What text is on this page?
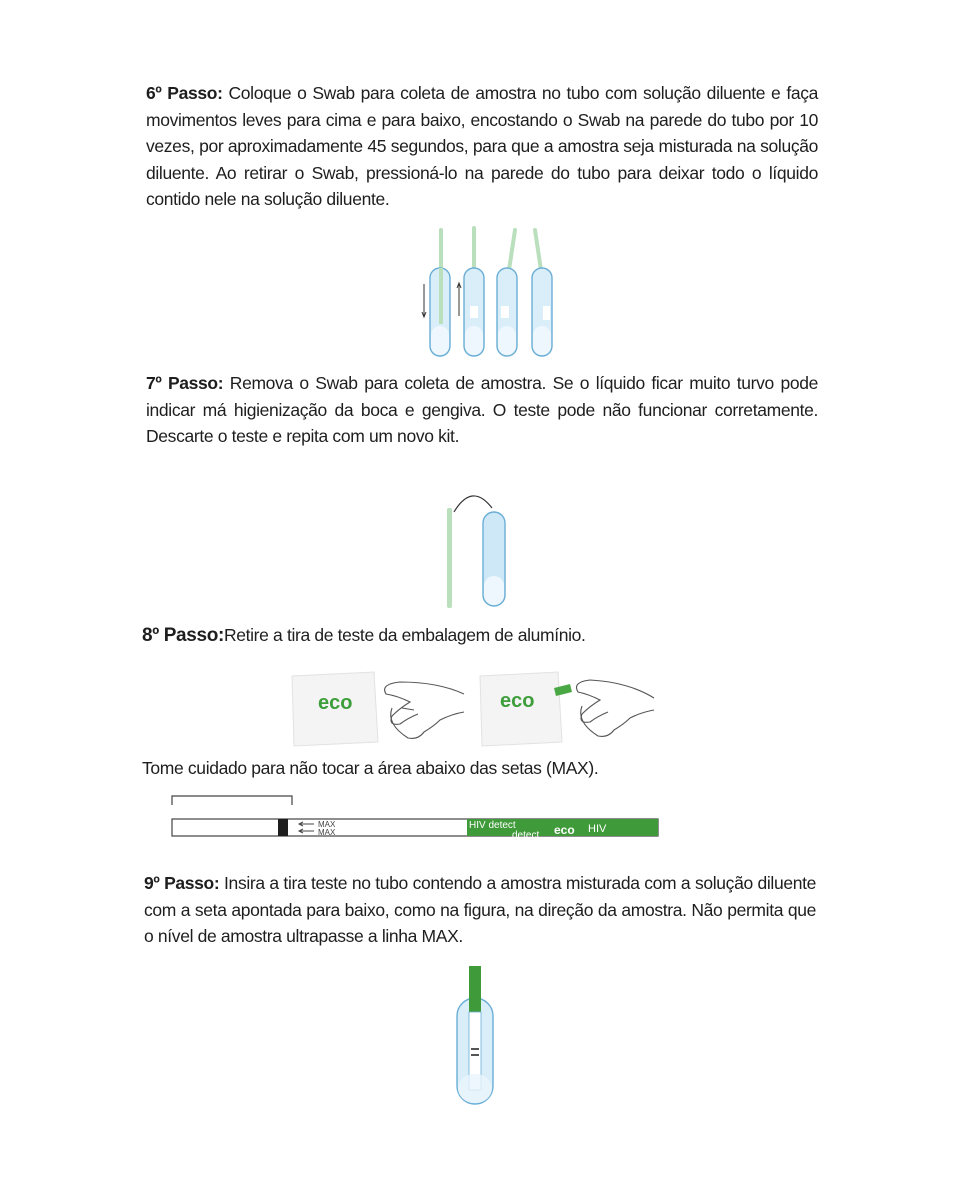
6º Passo: Coloque o Swab para coleta de amostra no tubo com solução diluente e faça movimentos leves para cima e para baixo, encostando o Swab na parede do tubo por 10 vezes, por aproximadamente 45 segundos, para que a amostra seja misturada na solução diluente. Ao retirar o Swab, pressioná-lo na parede do tubo para deixar todo o líquido contido nele na solução diluente.

7º Passo: Remova o Swab para coleta de amostra. Se o líquido ficar muito turvo pode indicar má higienização da boca e gengiva. O teste pode não funcionar corretamente. Descarte o teste e repita com um novo kit.

8º Passo:Retire a tira de teste da embalagem de alumínio.

eco	eco

Tome cuidado para não tocar a área abaixo das setas (MAX).

MAX
MAX
HIV detect
detect eco HIV

9º Passo: Insira a tira teste no tubo contendo a amostra misturada com a solução diluente com a seta apontada para baixo, como na figura, na direção da amostra. Não permita que o nível de amostra ultrapasse a linha MAX.
